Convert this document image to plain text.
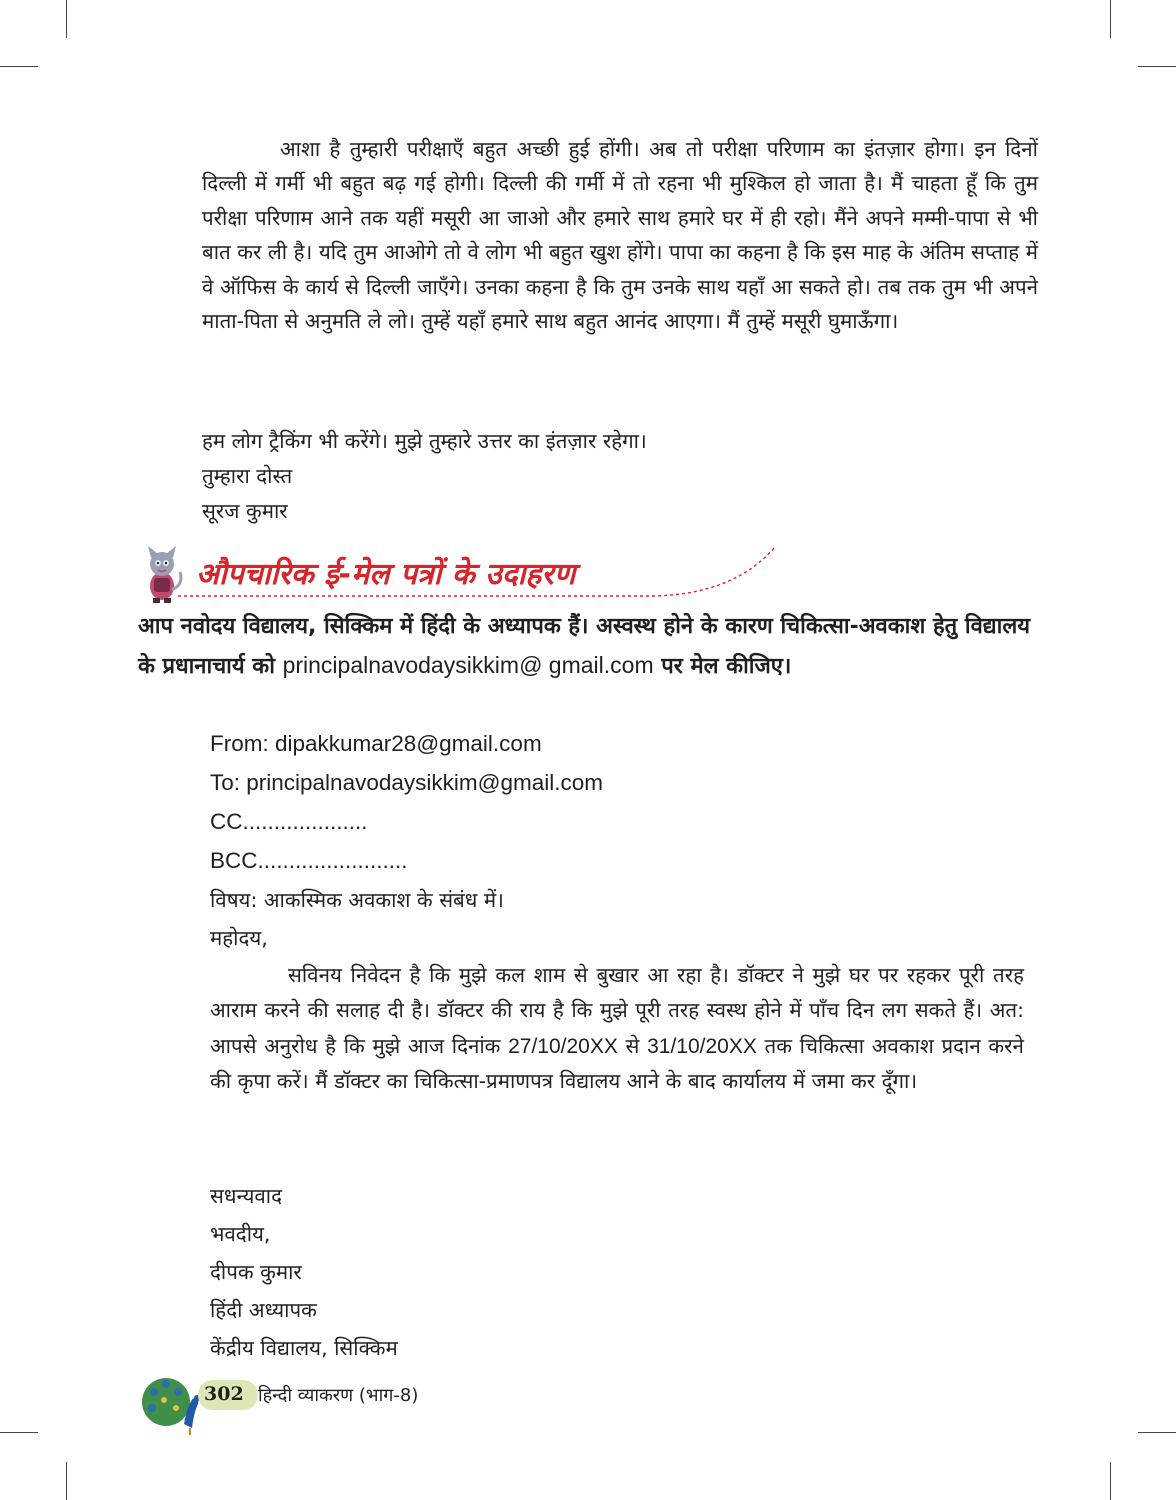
आशा है तुम्हारी परीक्षाएँ बहुत अच्छी हुई होंगी। अब तो परीक्षा परिणाम का इंतज़ार होगा। इन दिनों दिल्ली में गर्मी भी बहुत बढ़ गई होगी। दिल्ली की गर्मी में तो रहना भी मुश्किल हो जाता है। मैं चाहता हूँ कि तुम परीक्षा परिणाम आने तक यहीं मसूरी आ जाओ और हमारे साथ हमारे घर में ही रहो। मैंने अपने मम्मी-पापा से भी बात कर ली है। यदि तुम आओगे तो वे लोग भी बहुत खुश होंगे। पापा का कहना है कि इस माह के अंतिम सप्ताह में वे ऑफिस के कार्य से दिल्ली जाएँगे। उनका कहना है कि तुम उनके साथ यहाँ आ सकते हो। तब तक तुम भी अपने माता-पिता से अनुमति ले लो। तुम्हें यहाँ हमारे साथ बहुत आनंद आएगा। मैं तुम्हें मसूरी घुमाऊँगा।

हम लोग ट्रैकिंग भी करेंगे। मुझे तुम्हारे उत्तर का इंतज़ार रहेगा।

तुम्हारा दोस्त

सूरज कुमार

औपचारिक ई-मेल पत्रों के उदाहरण

आप नवोदय विद्यालय, सिक्किम में हिंदी के अध्यापक हैं। अस्वस्थ होने के कारण चिकित्सा-अवकाश हेतु विद्यालय के प्रधानाचार्य को principalnavodaysikkim@ gmail.com पर मेल कीजिए।

From: dipakkumar28@gmail.com

To: principalnavodaysikkim@gmail.com

CC....................

BCC........................

विषय: आकस्मिक अवकाश के संबंध में।

महोदय,

सविनय निवेदन है कि मुझे कल शाम से बुखार आ रहा है। डॉक्टर ने मुझे घर पर रहकर पूरी तरह आराम करने की सलाह दी है। डॉक्टर की राय है कि मुझे पूरी तरह स्वस्थ होने में पाँच दिन लग सकते हैं। अत: आपसे अनुरोध है कि मुझे आज दिनांक 27/10/20XX से 31/10/20XX तक चिकित्सा अवकाश प्रदान करने की कृपा करें। मैं डॉक्टर का चिकित्सा-प्रमाणपत्र विद्यालय आने के बाद कार्यालय में जमा कर दूँगा।

सधन्यवाद

भवदीय,

दीपक कुमार

हिंदी अध्यापक

केंद्रीय विद्यालय, सिक्किम

302 हिन्दी व्याकरण (भाग-8)
